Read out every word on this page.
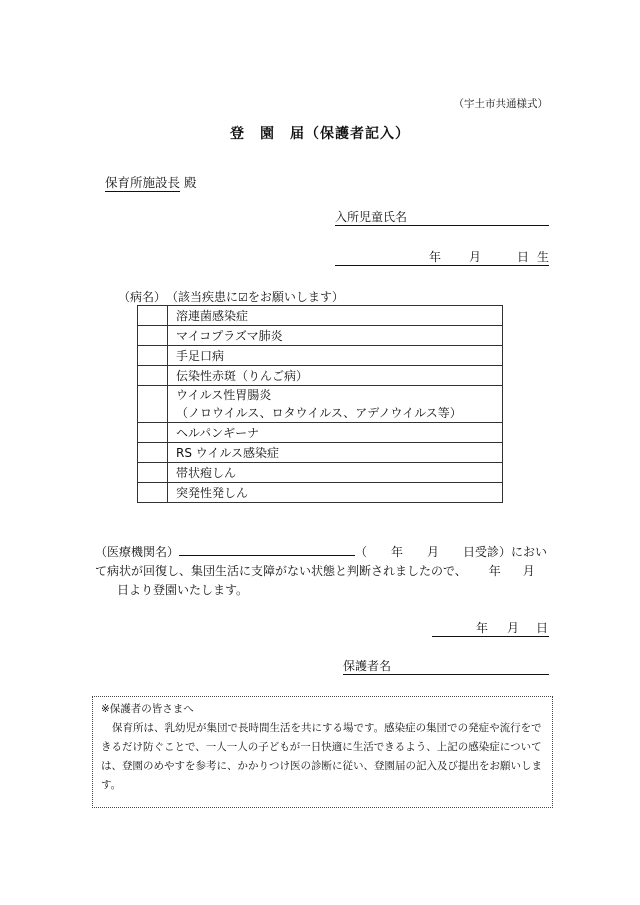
（宇土市共通様式）
登　園　届（保護者記入）
保育所施設長 殿
入所児童氏名
年 月	日 生
（病名）　（該当疾患に☑をお願いします）

	溶連菌感染症

	マイコプラズマ肺炎

	手足口病

	伝染性赤斑（りんご病）

	ウイルス性胃腸炎
（ノロウイルス、ロタウイルス、アデノウイルス等）

	ヘルパンギーナ

	RS ウイルス感染症

	帯状疱しん

	突発性発しん
（医療機関名）	（　　年　　月　　日受診）において病状が回復し、集団生活に支障がない状態と判断されましたので、 年 月日より登園いたします。
年 月 日
保護者名
※保護者の皆さまへ
保育所は、乳幼児が集団で長時間生活を共にする場です。感染症の集団での発症や流行をできるだけ防ぐことで、一人一人の子どもが一日快適に生活できるよう、上記の感染症については、登園のめやすを参考に、かかりつけ医の診断に従い、登園届の記入及び提出をお願いします。
